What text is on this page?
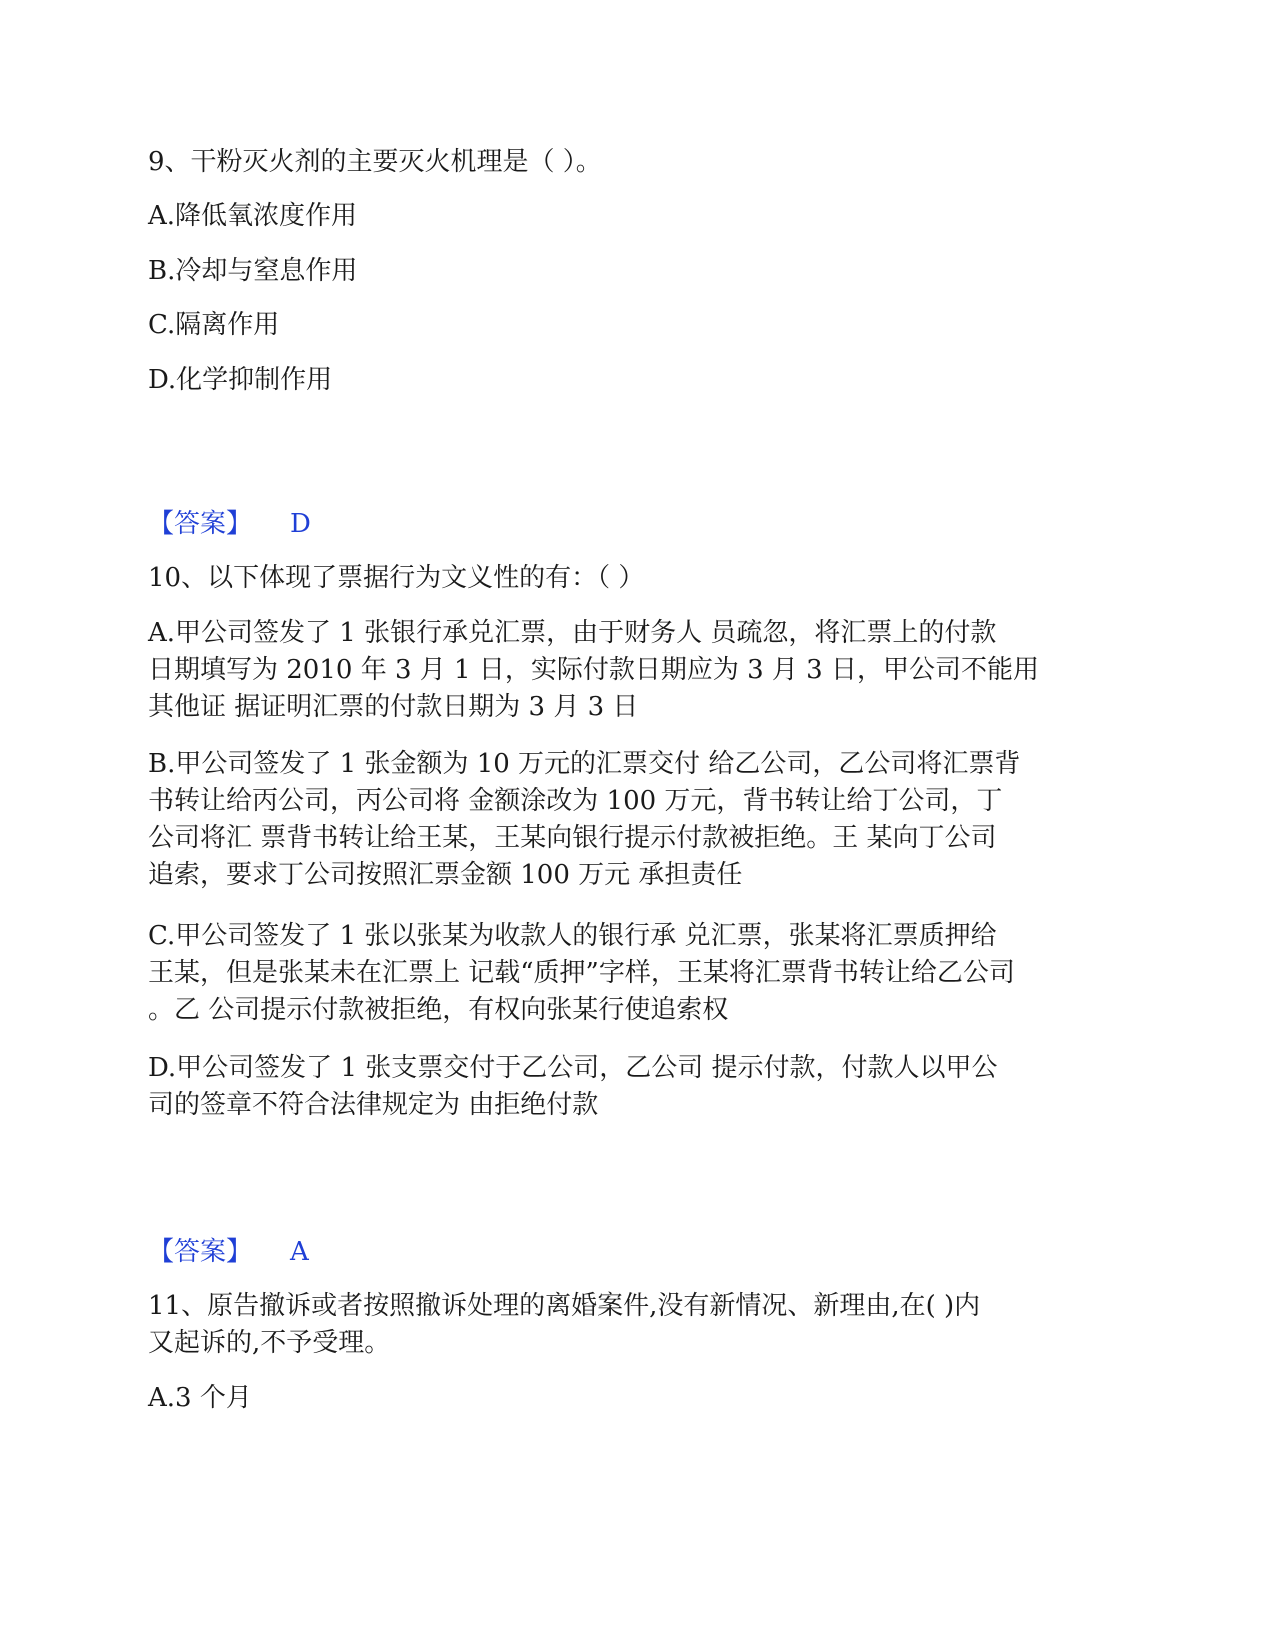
9、干粉灭火剂的主要灭火机理是（ ）。
A.降低氧浓度作用
B.冷却与窒息作用
C.隔离作用
D.化学抑制作用
【答案】 D
10、以下体现了票据行为文义性的有：（ ）
A.甲公司签发了 1 张银行承兑汇票，由于财务人 员疏忽，将汇票上的付款
日期填写为 2010 年 3 月 1 日，实际付款日期应为 3 月 3 日，甲公司不能用
其他证 据证明汇票的付款日期为 3 月 3 日
B.甲公司签发了 1 张金额为 10 万元的汇票交付 给乙公司，乙公司将汇票背
书转让给丙公司，丙公司将 金额涂改为 100 万元，背书转让给丁公司，丁
公司将汇 票背书转让给王某，王某向银行提示付款被拒绝。王 某向丁公司
追索，要求丁公司按照汇票金额 100 万元 承担责任
C.甲公司签发了 1 张以张某为收款人的银行承 兑汇票，张某将汇票质押给
王某，但是张某未在汇票上 记载“质押”字样，王某将汇票背书转让给乙公司
。乙 公司提示付款被拒绝，有权向张某行使追索权
D.甲公司签发了 1 张支票交付于乙公司，乙公司 提示付款，付款人以甲公
司的签章不符合法律规定为 由拒绝付款
【答案】 A
11、原告撤诉或者按照撤诉处理的离婚案件,没有新情况、新理由,在( )内
又起诉的,不予受理。
A.3 个月
